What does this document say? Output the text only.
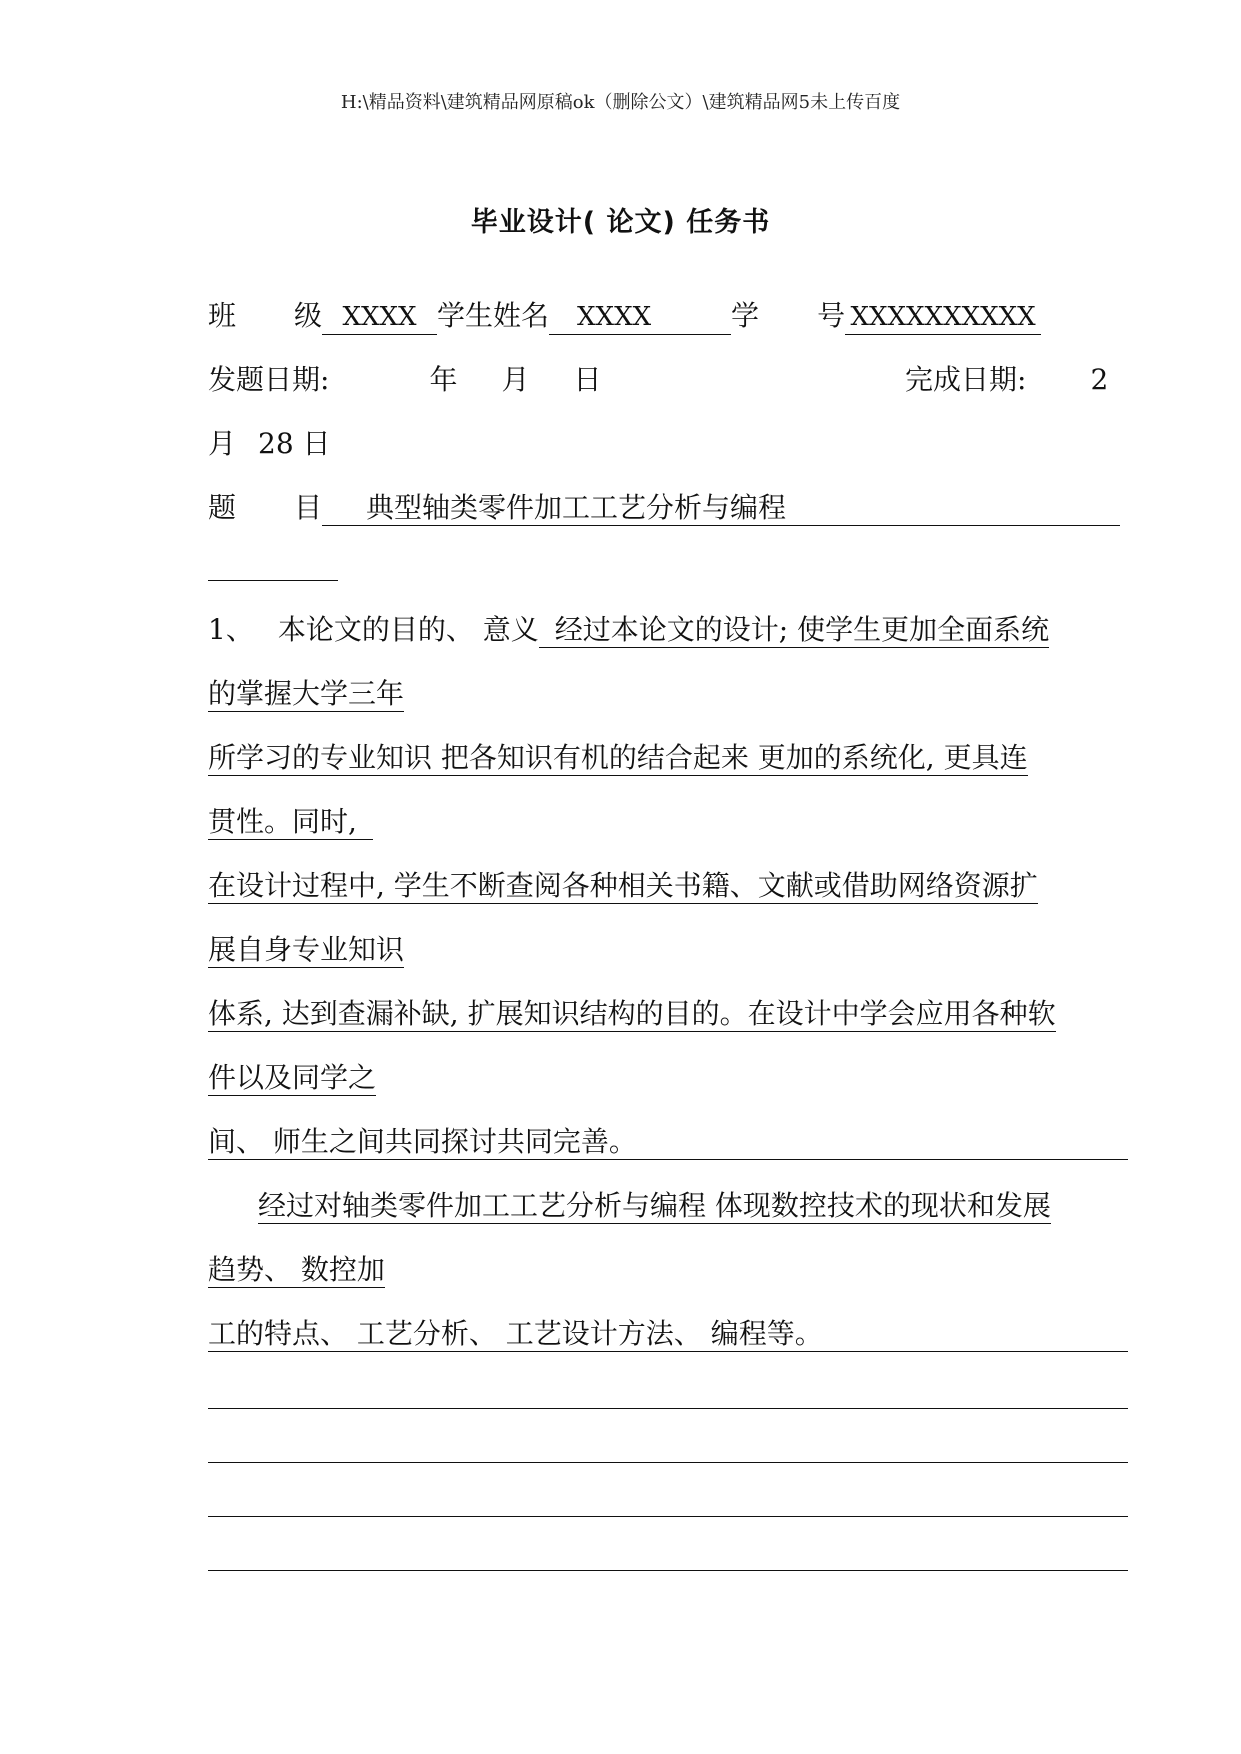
H:\精品资料\建筑精品网原稿ok（删除公文）\建筑精品网5未上传百度
毕业设计( 论文) 任务书
班 级 XXXX 学生姓名 XXXX	学 号 XXXXXXXXXX
发题日期:	年 月 日	完成日期: 2
月 28 日
题 目 典型轴类零件加工工艺分析与编程
1、 本论文的目的、 意义 经过本论文的设计; 使学生更加全面系统
的掌握大学三年
所学习的专业知识 把各知识有机的结合起来 更加的系统化, 更具连
贯性。同时,
在设计过程中, 学生不断查阅各种相关书籍、文献或借助网络资源扩
展自身专业知识
体系, 达到查漏补缺, 扩展知识结构的目的。在设计中学会应用各种软
件以及同学之
间、 师生之间共同探讨共同完善。
经过对轴类零件加工工艺分析与编程 体现数控技术的现状和发展
趋势、 数控加
工的特点、 工艺分析、 工艺设计方法、 编程等。
